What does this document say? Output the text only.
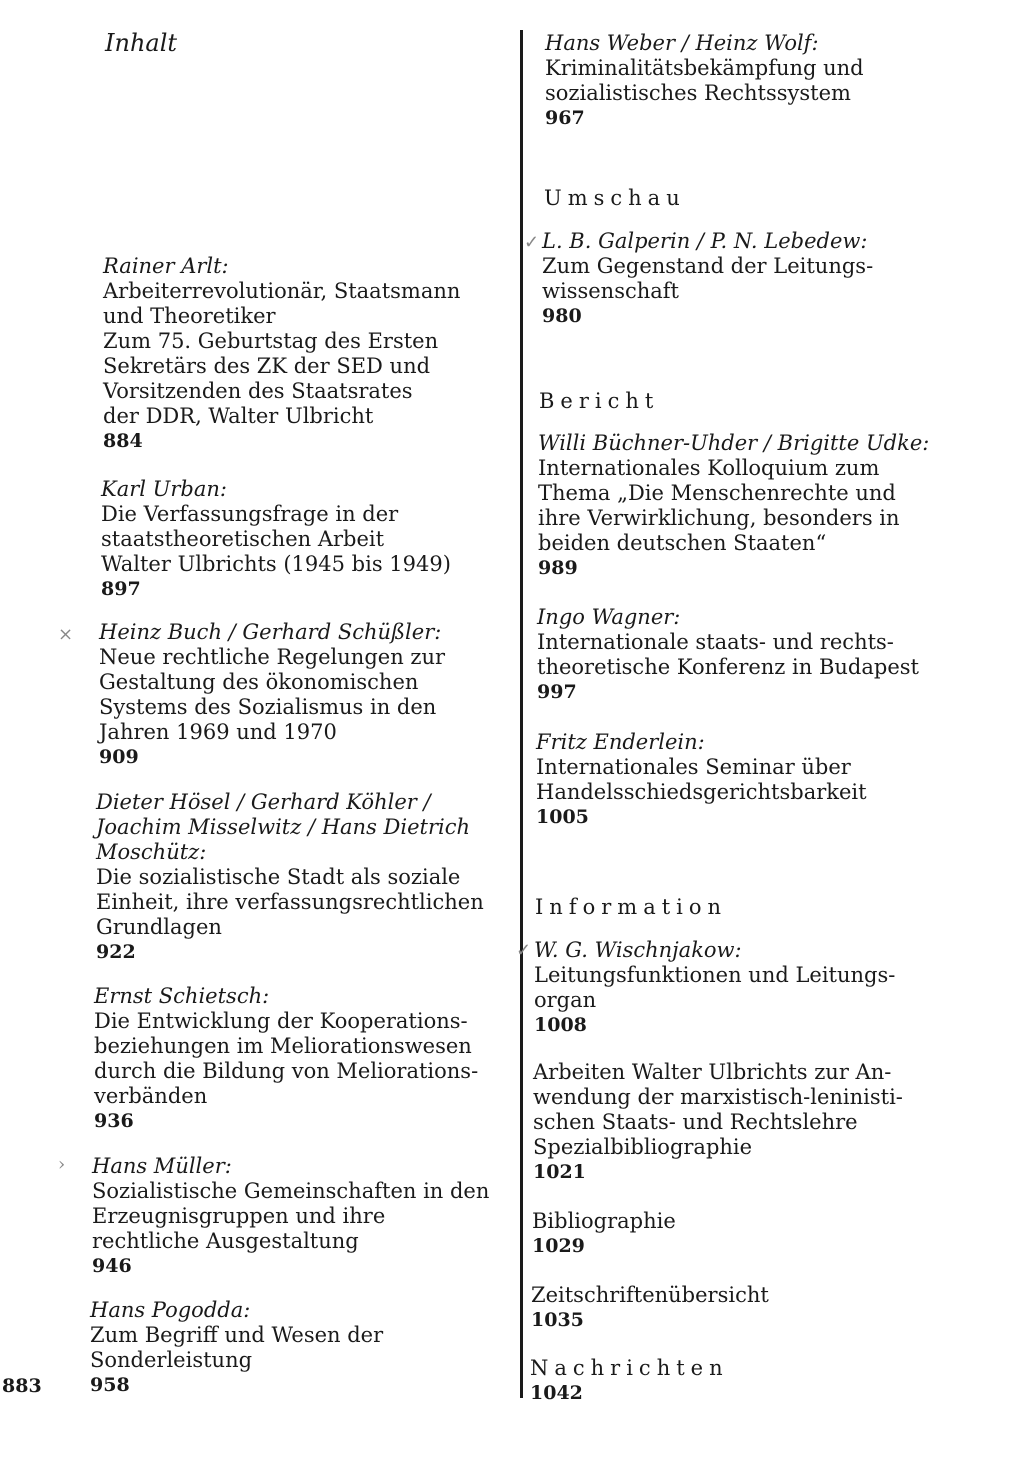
Inhalt
Rainer Arlt:
Arbeiterrevolutionär, Staatsmann
und Theoretiker
Zum 75. Geburtstag des Ersten
Sekretärs des ZK der SED und
Vorsitzenden des Staatsrates
der DDR, Walter Ulbricht
884
Karl Urban:
Die Verfassungsfrage in der
staatstheoretischen Arbeit
Walter Ulbrichts (1945 bis 1949)
897
× Heinz Buch / Gerhard Schüßler:
Neue rechtliche Regelungen zur
Gestaltung des ökonomischen
Systems des Sozialismus in den
Jahren 1969 und 1970
909
Dieter Hösel / Gerhard Köhler /
Joachim Misselwitz / Hans Dietrich
Moschütz:
Die sozialistische Stadt als soziale
Einheit, ihre verfassungsrechtlichen
Grundlagen
922
Ernst Schietsch:
Die Entwicklung der Kooperations-
beziehungen im Meliorationswesen
durch die Bildung von Meliorations-
verbänden
936
› Hans Müller:
Sozialistische Gemeinschaften in den
Erzeugnisgruppen und ihre
rechtliche Ausgestaltung
946
Hans Pogodda:
Zum Begriff und Wesen der
Sonderleistung
958
883
Hans Weber / Heinz Wolf:
Kriminalitätsbekämpfung und
sozialistisches Rechtssystem
967
Umschau
✓ L. B. Galperin / P. N. Lebedew:
Zum Gegenstand der Leitungs-
wissenschaft
980
Bericht
Willi Büchner-Uhder / Brigitte Udke:
Internationales Kolloquium zum
Thema „Die Menschenrechte und
ihre Verwirklichung, besonders in
beiden deutschen Staaten“
989
Ingo Wagner:
Internationale staats- und rechts-
theoretische Konferenz in Budapest
997
Fritz Enderlein:
Internationales Seminar über
Handelsschiedsgerichtsbarkeit
1005
Information
✓ W. G. Wischnjakow:
Leitungsfunktionen und Leitungs-
organ
1008
Arbeiten Walter Ulbrichts zur An-
wendung der marxistisch-leninisti-
schen Staats- und Rechtslehre
Spezialbibliographie
1021
Bibliographie
1029
Zeitschriftenübersicht
1035
Nachrichten
1042
